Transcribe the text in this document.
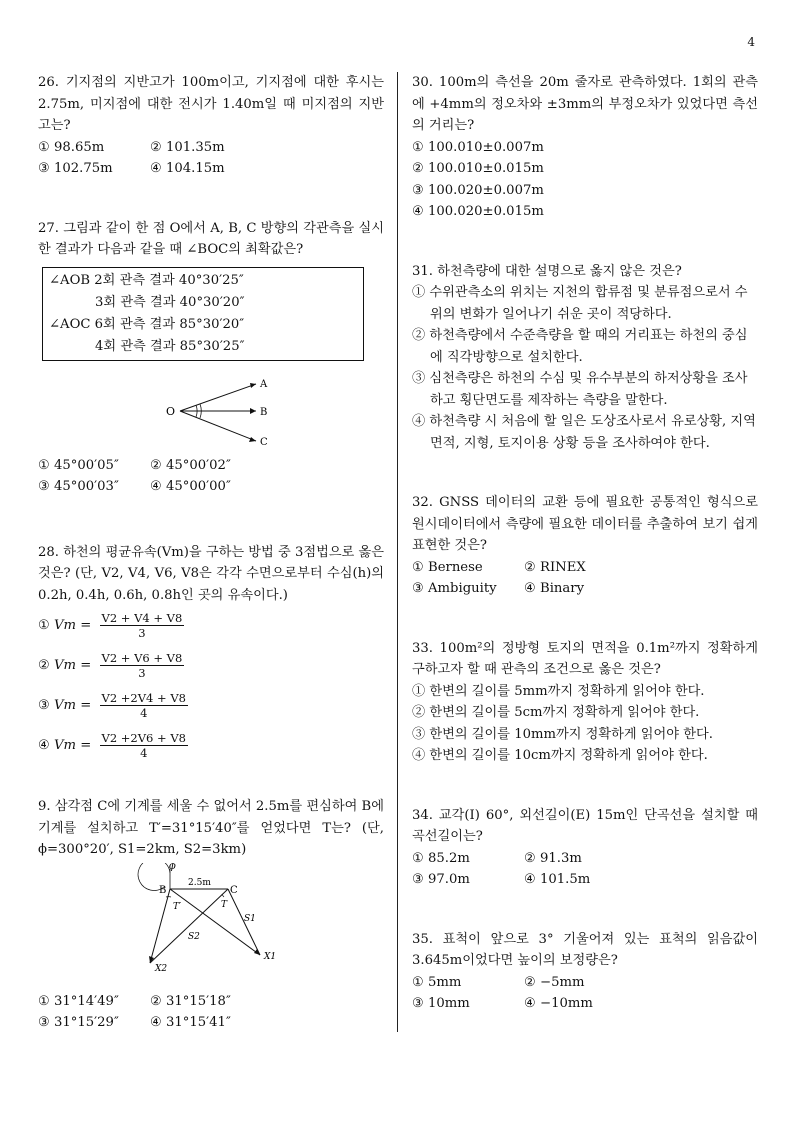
4

26. 기지점의 지반고가 100m이고, 기지점에 대한 후시는 2.75m, 미지점에 대한 전시가 1.40m일 때 미지점의 지반고는?

① 98.65m	② 101.35m

③ 102.75m	④ 104.15m

27. 그림과 같이 한 점 O에서 A, B, C 방향의 각관측을 실시한 결과가 다음과 같을 때 ∠BOC의 최확값은?

∠AOB 2회 관측 결과 40°30′25″
3회 관측 결과 40°30′20″
∠AOC 6회 관측 결과 85°30′20″
4회 관측 결과 85°30′25″
O
A
B
C

① 45°00′05″ ② 45°00′02″

③ 45°00′03″ ④ 45°00′00″

28. 하천의 평균유속(Vm)을 구하는 방법 중 3점법으로 옳은 것은? (단, V2, V4, V6, V8은 각각 수면으로부터 수심(h)의 0.2h, 0.4h, 0.6h, 0.8h인 곳의 유속이다.)

① $Vm = \frac{V2 + V4 + V8}{3}$

② $Vm = \frac{V2 + V6 + V8}{3}$

③ $Vm = \frac{V2 +2V4 + V8}{4}$

④ $Vm = \frac{V2 +2V6 + V8}{4}$

9. 삼각점 C에 기계를 세울 수 없어서 2.5m를 편심하여 B에 기계를 설치하고 T′=31°15′40″를 얻었다면 T는? (단, ϕ=300°20′, S1=2km, S2=3km)

ϕ
B	C
2.5m
T′	T
S1
S2
X1
X2

① 31°14′49″ ② 31°15′18″

③ 31°15′29″ ④ 31°15′41″

30. 100m의 측선을 20m 줄자로 관측하였다. 1회의 관측에 +4mm의 정오차와 ±3mm의 부정오차가 있었다면 측선의 거리는?

① 100.010±0.007m

② 100.010±0.015m

③ 100.020±0.007m

④ 100.020±0.015m

31. 하천측량에 대한 설명으로 옳지 않은 것은?

① 수위관측소의 위치는 지천의 합류점 및 분류점으로서 수위의 변화가 일어나기 쉬운 곳이 적당하다.

② 하천측량에서 수준측량을 할 때의 거리표는 하천의 중심에 직각방향으로 설치한다.

③ 심천측량은 하천의 수심 및 유수부분의 하저상황을 조사하고 횡단면도를 제작하는 측량을 말한다.

④ 하천측량 시 처음에 할 일은 도상조사로서 유로상황, 지역면적, 지형, 토지이용 상황 등을 조사하여야 한다.

32. GNSS 데이터의 교환 등에 필요한 공통적인 형식으로 원시데이터에서 측량에 필요한 데이터를 추출하여 보기 쉽게 표현한 것은?

① Bernese	② RINEX

③ Ambiguity ④ Binary

33. 100m²의 정방형 토지의 면적을 0.1m²까지 정확하게 구하고자 할 때 관측의 조건으로 옳은 것은?

① 한변의 길이를 5mm까지 정확하게 읽어야 한다.

② 한변의 길이를 5cm까지 정확하게 읽어야 한다.

③ 한변의 길이를 10mm까지 정확하게 읽어야 한다.

④ 한변의 길이를 10cm까지 정확하게 읽어야 한다.

34. 교각(I) 60°, 외선길이(E) 15m인 단곡선을 설치할 때 곡선길이는?

① 85.2m	② 91.3m

③ 97.0m	④ 101.5m

35. 표척이 앞으로 3° 기울어져 있는 표척의 읽음값이 3.645m이었다면 높이의 보정량은?

① 5mm	② −5mm

③ 10mm	④ −10mm
